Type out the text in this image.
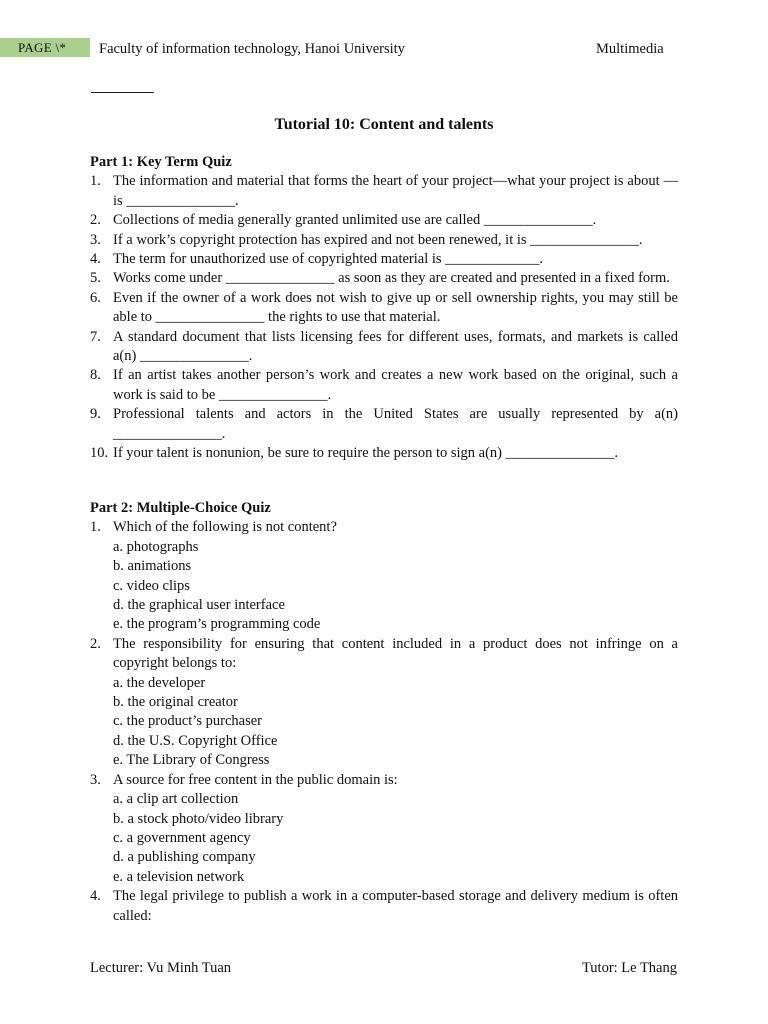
PAGE \*	Faculty of information technology, Hanoi University	Multimedia
Tutorial 10: Content and talents
Part 1: Key Term Quiz
1. The information and material that forms the heart of your project—what your project is about —is _______________.
2. Collections of media generally granted unlimited use are called _______________.
3. If a work’s copyright protection has expired and not been renewed, it is _______________.
4. The term for unauthorized use of copyrighted material is _____________.
5. Works come under _______________ as soon as they are created and presented in a fixed form.
6. Even if the owner of a work does not wish to give up or sell ownership rights, you may still be able to _______________ the rights to use that material.
7. A standard document that lists licensing fees for different uses, formats, and markets is called a(n) _______________.
8. If an artist takes another person’s work and creates a new work based on the original, such a work is said to be _______________.
9. Professional talents and actors in the United States are usually represented by a(n) _______________.
10. If your talent is nonunion, be sure to require the person to sign a(n) _______________.
Part 2: Multiple-Choice Quiz
1. Which of the following is not content?
a. photographs
b. animations
c. video clips
d. the graphical user interface
e. the program’s programming code
2. The responsibility for ensuring that content included in a product does not infringe on a copyright belongs to:
a. the developer
b. the original creator
c. the product’s purchaser
d. the U.S. Copyright Office
e. The Library of Congress
3. A source for free content in the public domain is:
a. a clip art collection
b. a stock photo/video library
c. a government agency
d. a publishing company
e. a television network
4. The legal privilege to publish a work in a computer-based storage and delivery medium is often called:
Lecturer: Vu Minh Tuan	Tutor: Le Thang
